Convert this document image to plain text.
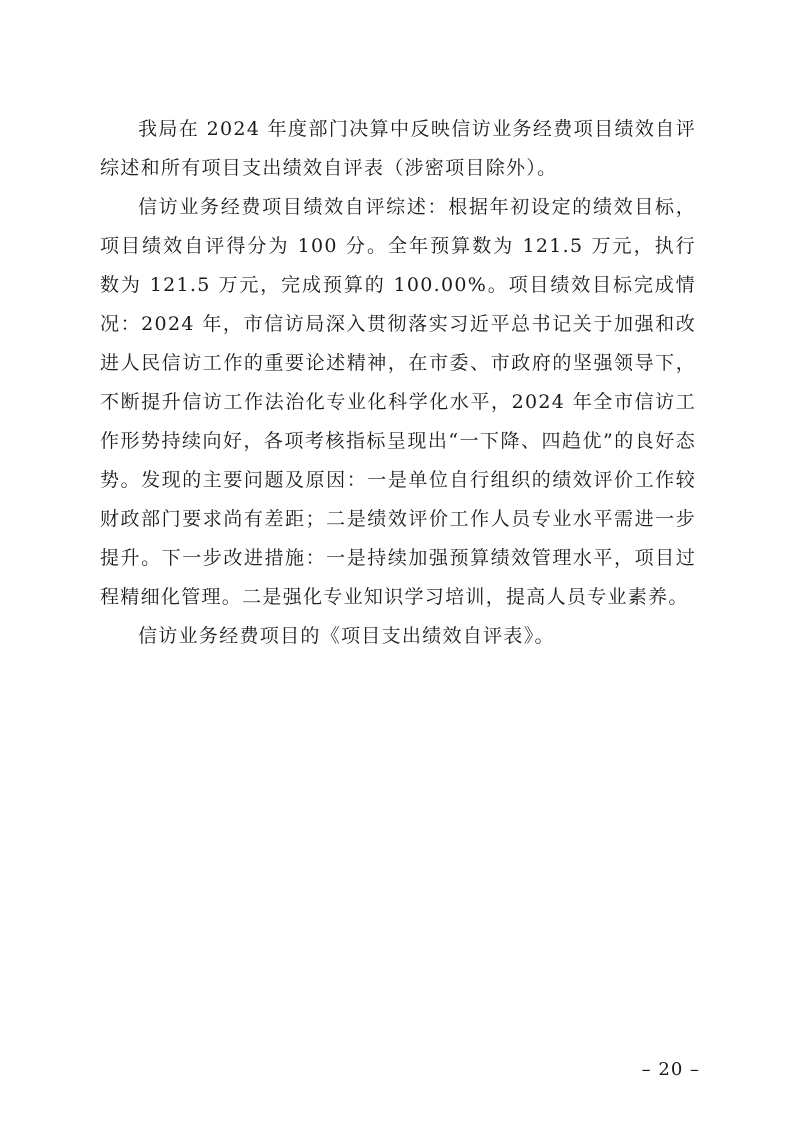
我局在 2024 年度部门决算中反映信访业务经费项目绩效自评综述和所有项目支出绩效自评表（涉密项目除外）。

信访业务经费项目绩效自评综述：根据年初设定的绩效目标，项目绩效自评得分为 100 分。全年预算数为 121.5 万元，执行数为 121.5 万元，完成预算的 100.00%。项目绩效目标完成情况：2024 年，市信访局深入贯彻落实习近平总书记关于加强和改进人民信访工作的重要论述精神，在市委、市政府的坚强领导下，不断提升信访工作法治化专业化科学化水平，2024 年全市信访工作形势持续向好，各项考核指标呈现出“一下降、四趋优”的良好态势。发现的主要问题及原因：一是单位自行组织的绩效评价工作较财政部门要求尚有差距；二是绩效评价工作人员专业水平需进一步提升。下一步改进措施：一是持续加强预算绩效管理水平，项目过程精细化管理。二是强化专业知识学习培训，提高人员专业素养。

信访业务经费项目的《项目支出绩效自评表》。

– 20 –
